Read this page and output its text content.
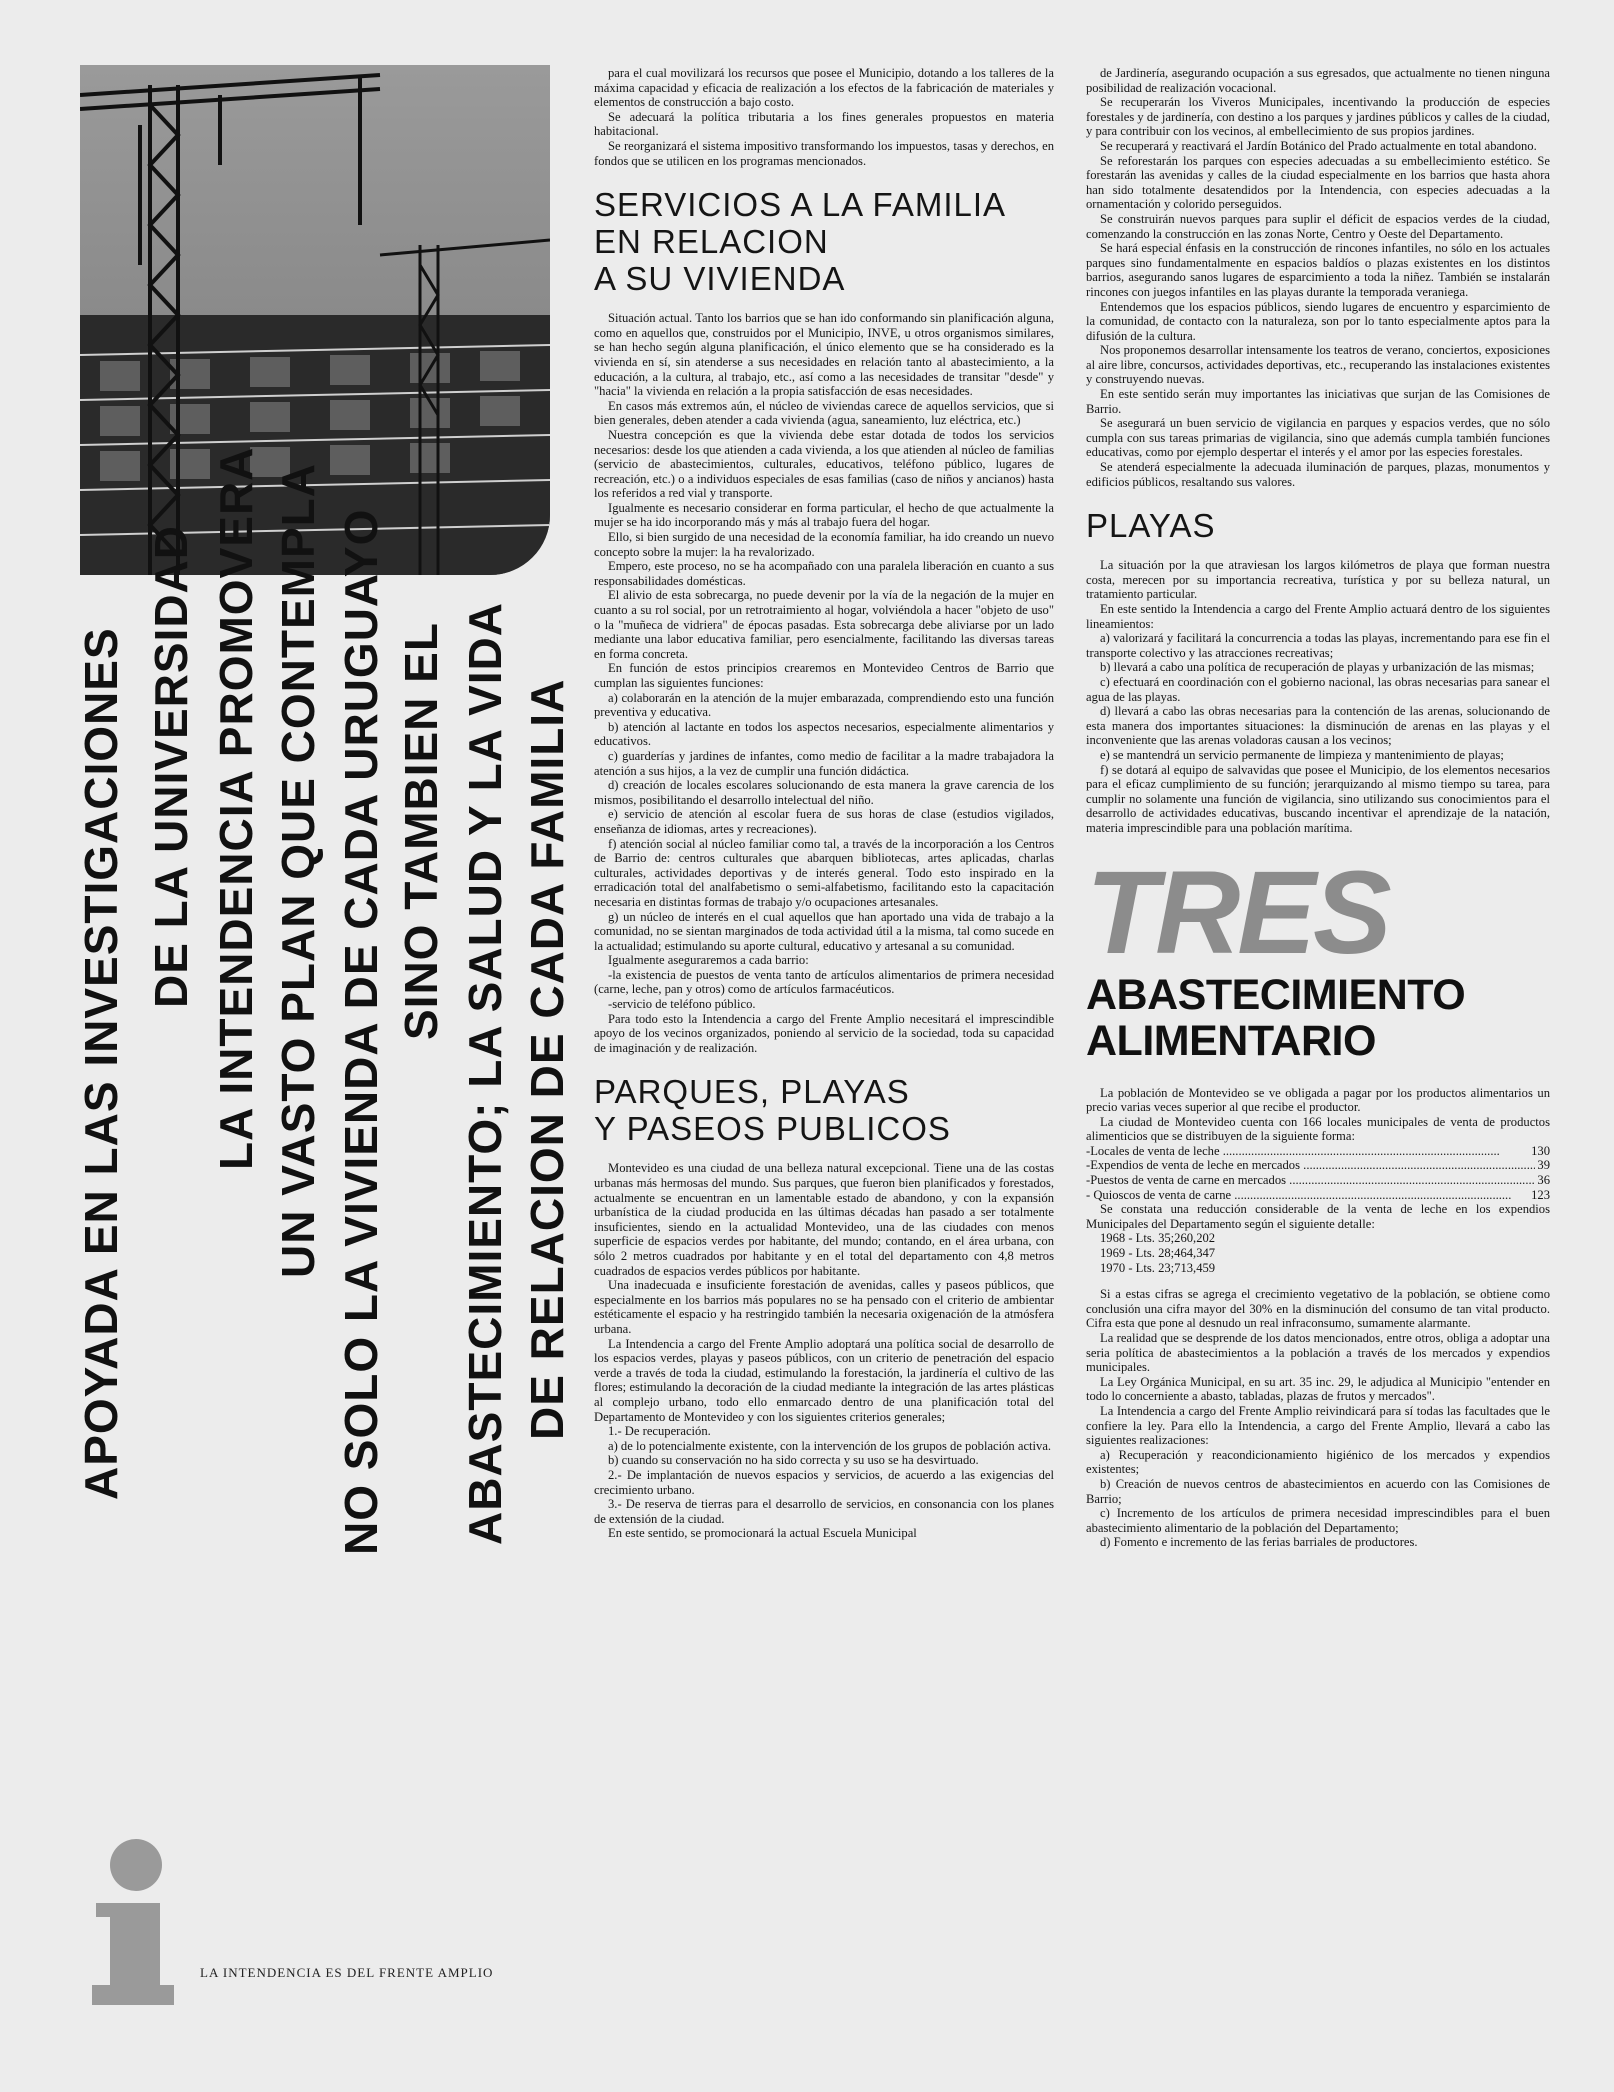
APOYADA EN LAS INVESTIGACIONES DE LA UNIVERSIDAD LA INTENDENCIA PROMOVERA UN VASTO PLAN QUE CONTEMPLA NO SOLO LA VIVIENDA DE CADA URUGUAYO SINO TAMBIEN EL ABASTECIMIENTO; LA SALUD Y LA VIDA DE RELACION DE CADA FAMILIA

para el cual movilizará los recursos que posee el Municipio, dotando a los talleres de la máxima capacidad y eficacia de realización a los efectos de la fabricación de materiales y elementos de construcción a bajo costo.

Se adecuará la política tributaria a los fines generales propuestos en materia habitacional.

Se reorganizará el sistema impositivo transformando los impuestos, tasas y derechos, en fondos que se utilicen en los programas mencionados.

SERVICIOS A LA FAMILIA
EN RELACION
A SU VIVIENDA

Situación actual. Tanto los barrios que se han ido conformando sin planificación alguna, como en aquellos que, construidos por el Municipio, INVE, u otros organismos similares, se han hecho según alguna planificación, el único elemento que se ha considerado es la vivienda en sí, sin atenderse a sus necesidades en relación tanto al abastecimiento, a la educación, a la cultura, al trabajo, etc., así como a las necesidades de transitar "desde" y "hacia" la vivienda en relación a la propia satisfacción de esas necesidades.

En casos más extremos aún, el núcleo de viviendas carece de aquellos servicios, que si bien generales, deben atender a cada vivienda (agua, saneamiento, luz eléctrica, etc.)

Nuestra concepción es que la vivienda debe estar dotada de todos los servicios necesarios: desde los que atienden a cada vivienda, a los que atienden al núcleo de familias (servicio de abastecimientos, culturales, educativos, teléfono público, lugares de recreación, etc.) o a individuos especiales de esas familias (caso de niños y ancianos) hasta los referidos a red vial y transporte.

Igualmente es necesario considerar en forma particular, el hecho de que actualmente la mujer se ha ido incorporando más y más al trabajo fuera del hogar.

Ello, si bien surgido de una necesidad de la economía familiar, ha ido creando un nuevo concepto sobre la mujer: la ha revalorizado.

Empero, este proceso, no se ha acompañado con una paralela liberación en cuanto a sus responsabilidades domésticas.

El alivio de esta sobrecarga, no puede devenir por la vía de la negación de la mujer en cuanto a su rol social, por un retrotraimiento al hogar, volviéndola a hacer "objeto de uso" o la "muñeca de vidriera" de épocas pasadas. Esta sobrecarga debe aliviarse por un lado mediante una labor educativa familiar, pero esencialmente, facilitando las diversas tareas en forma concreta.

En función de estos principios crearemos en Montevideo Centros de Barrio que cumplan las siguientes funciones:

a) colaborarán en la atención de la mujer embarazada, comprendiendo esto una función preventiva y educativa.

b) atención al lactante en todos los aspectos necesarios, especialmente alimentarios y educativos.

c) guarderías y jardines de infantes, como medio de facilitar a la madre trabajadora la atención a sus hijos, a la vez de cumplir una función didáctica.

d) creación de locales escolares solucionando de esta manera la grave carencia de los mismos, posibilitando el desarrollo intelectual del niño.

e) servicio de atención al escolar fuera de sus horas de clase (estudios vigilados, enseñanza de idiomas, artes y recreaciones).

f) atención social al núcleo familiar como tal, a través de la incorporación a los Centros de Barrio de: centros culturales que abarquen bibliotecas, artes aplicadas, charlas culturales, actividades deportivas y de interés general. Todo esto inspirado en la erradicación total del analfabetismo o semi-alfabetismo, facilitando esto la capacitación necesaria en distintas formas de trabajo y/o ocupaciones artesanales.

g) un núcleo de interés en el cual aquellos que han aportado una vida de trabajo a la comunidad, no se sientan marginados de toda actividad útil a la misma, tal como sucede en la actualidad; estimulando su aporte cultural, educativo y artesanal a su comunidad.

Igualmente aseguraremos a cada barrio:

-la existencia de puestos de venta tanto de artículos alimentarios de primera necesidad (carne, leche, pan y otros) como de artículos farmacéuticos.

-servicio de teléfono público.

Para todo esto la Intendencia a cargo del Frente Amplio necesitará el imprescindible apoyo de los vecinos organizados, poniendo al servicio de la sociedad, toda su capacidad de imaginación y de realización.

PARQUES, PLAYAS
Y PASEOS PUBLICOS

Montevideo es una ciudad de una belleza natural excepcional. Tiene una de las costas urbanas más hermosas del mundo. Sus parques, que fueron bien planificados y forestados, actualmente se encuentran en un lamentable estado de abandono, y con la expansión urbanística de la ciudad producida en las últimas décadas han pasado a ser totalmente insuficientes, siendo en la actualidad Montevideo, una de las ciudades con menos superficie de espacios verdes por habitante, del mundo; contando, en el área urbana, con sólo 2 metros cuadrados por habitante y en el total del departamento con 4,8 metros cuadrados de espacios verdes públicos por habitante.

Una inadecuada e insuficiente forestación de avenidas, calles y paseos públicos, que especialmente en los barrios más populares no se ha pensado con el criterio de ambientar estéticamente el espacio y ha restringido también la necesaria oxigenación de la atmósfera urbana.

La Intendencia a cargo del Frente Amplio adoptará una política social de desarrollo de los espacios verdes, playas y paseos públicos, con un criterio de penetración del espacio verde a través de toda la ciudad, estimulando la forestación, la jardinería el cultivo de las flores; estimulando la decoración de la ciudad mediante la integración de las artes plásticas al complejo urbano, todo ello enmarcado dentro de una planificación total del Departamento de Montevideo y con los siguientes criterios generales;

1.- De recuperación.

a) de lo potencialmente existente, con la intervención de los grupos de población activa.

b) cuando su conservación no ha sido correcta y su uso se ha desvirtuado.

2.- De implantación de nuevos espacios y servicios, de acuerdo a las exigencias del crecimiento urbano.

3.- De reserva de tierras para el desarrollo de servicios, en consonancia con los planes de extensión de la ciudad.

En este sentido, se promocionará la actual Escuela Municipal

de Jardinería, asegurando ocupación a sus egresados, que actualmente no tienen ninguna posibilidad de realización vocacional.

Se recuperarán los Viveros Municipales, incentivando la producción de especies forestales y de jardinería, con destino a los parques y jardines públicos y calles de la ciudad, y para contribuir con los vecinos, al embellecimiento de sus propios jardines.

Se recuperará y reactivará el Jardín Botánico del Prado actualmente en total abandono.

Se reforestarán los parques con especies adecuadas a su embellecimiento estético. Se forestarán las avenidas y calles de la ciudad especialmente en los barrios que hasta ahora han sido totalmente desatendidos por la Intendencia, con especies adecuadas a la ornamentación y colorido perseguidos.

Se construirán nuevos parques para suplir el déficit de espacios verdes de la ciudad, comenzando la construcción en las zonas Norte, Centro y Oeste del Departamento.

Se hará especial énfasis en la construcción de rincones infantiles, no sólo en los actuales parques sino fundamentalmente en espacios baldíos o plazas existentes en los distintos barrios, asegurando sanos lugares de esparcimiento a toda la niñez. También se instalarán rincones con juegos infantiles en las playas durante la temporada veraniega.

Entendemos que los espacios públicos, siendo lugares de encuentro y esparcimiento de la comunidad, de contacto con la naturaleza, son por lo tanto especialmente aptos para la difusión de la cultura.

Nos proponemos desarrollar intensamente los teatros de verano, conciertos, exposiciones al aire libre, concursos, actividades deportivas, etc., recuperando las instalaciones existentes y construyendo nuevas.

En este sentido serán muy importantes las iniciativas que surjan de las Comisiones de Barrio.

Se asegurará un buen servicio de vigilancia en parques y espacios verdes, que no sólo cumpla con sus tareas primarias de vigilancia, sino que además cumpla también funciones educativas, como por ejemplo despertar el interés y el amor por las especies forestales.

Se atenderá especialmente la adecuada iluminación de parques, plazas, monumentos y edificios públicos, resaltando sus valores.

PLAYAS

La situación por la que atraviesan los largos kilómetros de playa que forman nuestra costa, merecen por su importancia recreativa, turística y por su belleza natural, un tratamiento particular.

En este sentido la Intendencia a cargo del Frente Amplio actuará dentro de los siguientes lineamientos:

a) valorizará y facilitará la concurrencia a todas las playas, incrementando para ese fin el transporte colectivo y las atracciones recreativas;

b) llevará a cabo una política de recuperación de playas y urbanización de las mismas;

c) efectuará en coordinación con el gobierno nacional, las obras necesarias para sanear el agua de las playas.

d) llevará a cabo las obras necesarias para la contención de las arenas, solucionando de esta manera dos importantes situaciones: la disminución de arenas en las playas y el inconveniente que las arenas voladoras causan a los vecinos;

e) se mantendrá un servicio permanente de limpieza y mantenimiento de playas;

f) se dotará al equipo de salvavidas que posee el Municipio, de los elementos necesarios para el eficaz cumplimiento de su función; jerarquizando al mismo tiempo su tarea, para cumplir no solamente una función de vigilancia, sino utilizando sus conocimientos para el desarrollo de actividades educativas, buscando incentivar el aprendizaje de la natación, materia imprescindible para una población marítima.

TRES
ABASTECIMIENTO
ALIMENTARIO

La población de Montevideo se ve obligada a pagar por los productos alimentarios un precio varias veces superior al que recibe el productor.

La ciudad de Montevideo cuenta con 166 locales municipales de venta de productos alimenticios que se distribuyen de la siguiente forma:

-Locales de venta de leche .....	130
-Expendios de venta de leche en mercados .....	39
-Puestos de venta de carne en mercados .....	36
- Quioscos de venta de carne .....	123

Se constata una reducción considerable de la venta de leche en los expendios Municipales del Departamento según el siguiente detalle:

1968 - Lts. 35;260,202
1969 - Lts. 28;464,347
1970 - Lts. 23;713,459

Si a estas cifras se agrega el crecimiento vegetativo de la población, se obtiene como conclusión una cifra mayor del 30% en la disminución del consumo de tan vital producto. Cifra esta que pone al desnudo un real infraconsumo, sumamente alarmante.

La realidad que se desprende de los datos mencionados, entre otros, obliga a adoptar una seria política de abastecimientos a la población a través de los mercados y expendios municipales.

La Ley Orgánica Municipal, en su art. 35 inc. 29, le adjudica al Municipio "entender en todo lo concerniente a abasto, tabladas, plazas de frutos y mercados".

La Intendencia a cargo del Frente Amplio reivindicará para sí todas las facultades que le confiere la ley. Para ello la Intendencia, a cargo del Frente Amplio, llevará a cabo las siguientes realizaciones:

a) Recuperación y reacondicionamiento higiénico de los mercados y expendios existentes;

b) Creación de nuevos centros de abastecimientos en acuerdo con las Comisiones de Barrio;

c) Incremento de los artículos de primera necesidad imprescindibles para el buen abastecimiento alimentario de la población del Departamento;

d) Fomento e incremento de las ferias barriales de productores.

LA INTENDENCIA ES DEL FRENTE AMPLIO
